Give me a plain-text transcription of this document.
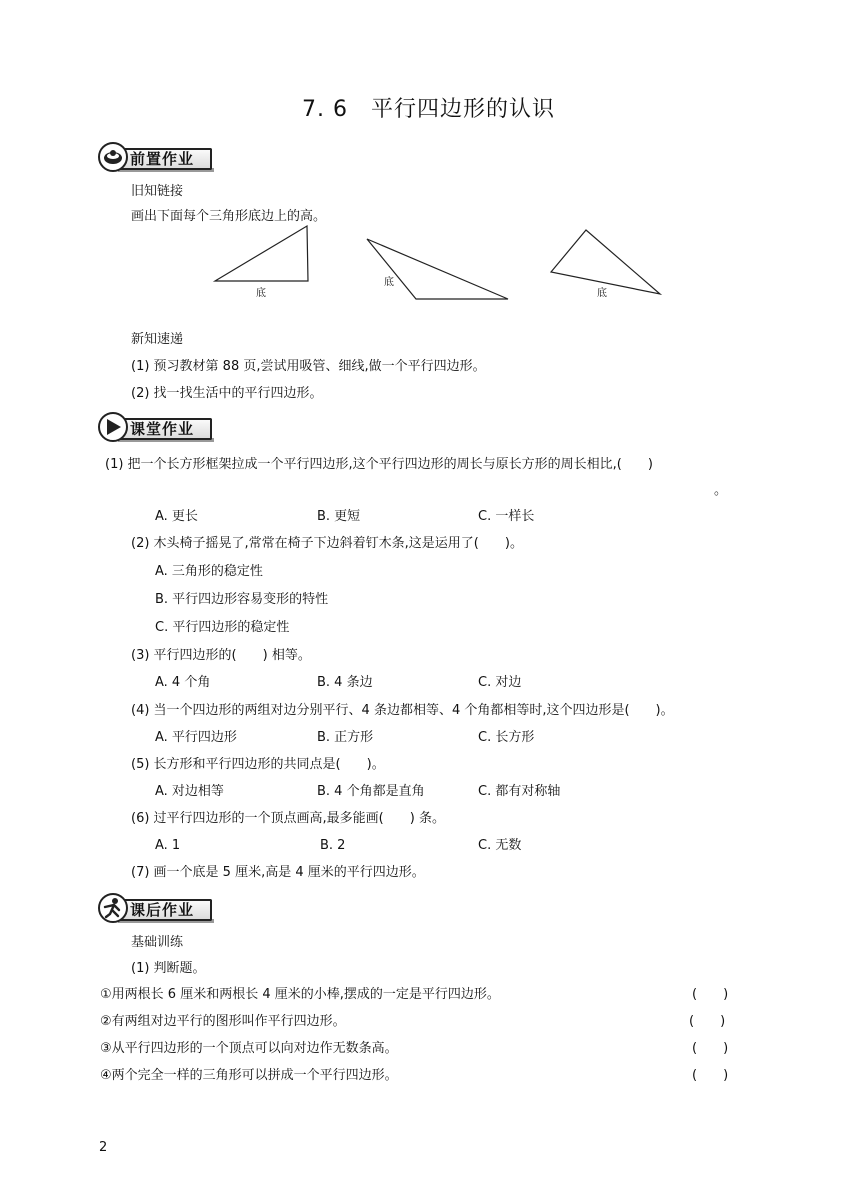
7. 6　平行四边形的认识
前置作业
旧知链接
画出下面每个三角形底边上的高。
底
底
底
新知速递
(1) 预习教材第 88 页,尝试用吸管、细线,做一个平行四边形。
(2) 找一找生活中的平行四边形。
课堂作业
(1) 把一个长方形框架拉成一个平行四边形,这个平行四边形的周长与原长方形的周长相比,(　　)
。
A. 更长	B. 更短	C. 一样长
(2) 木头椅子摇晃了,常常在椅子下边斜着钉木条,这是运用了(　　)。
A. 三角形的稳定性
B. 平行四边形容易变形的特性
C. 平行四边形的稳定性
(3) 平行四边形的(　　) 相等。
A. 4 个角	B. 4 条边	C. 对边
(4) 当一个四边形的两组对边分别平行、4 条边都相等、4 个角都相等时,这个四边形是(　　)。
A. 平行四边形	B. 正方形	C. 长方形
(5) 长方形和平行四边形的共同点是(　　)。
A. 对边相等	B. 4 个角都是直角	C. 都有对称轴
(6) 过平行四边形的一个顶点画高,最多能画(　　) 条。
A. 1	B. 2	C. 无数
(7) 画一个底是 5 厘米,高是 4 厘米的平行四边形。
课后作业
基础训练
(1) 判断题。
①用两根长 6 厘米和两根长 4 厘米的小棒,摆成的一定是平行四边形。	(　　)
②有两组对边平行的图形叫作平行四边形。	(　　)
③从平行四边形的一个顶点可以向对边作无数条高。	(　　)
④两个完全一样的三角形可以拼成一个平行四边形。	(　　)
2
